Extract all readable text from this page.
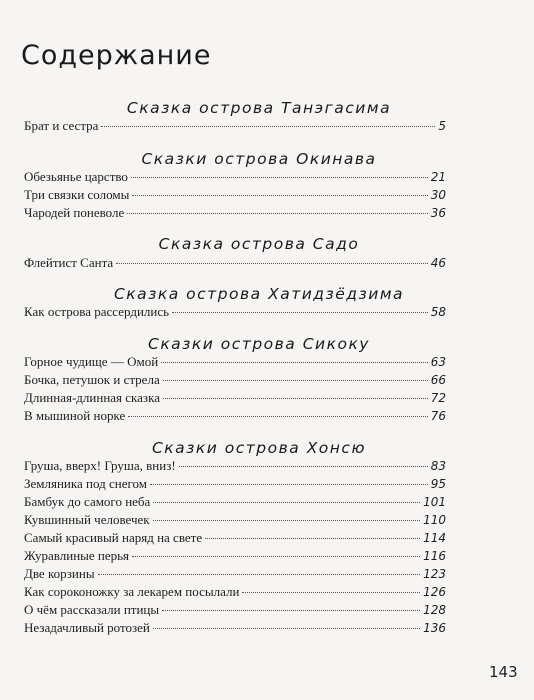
Содержание
Сказка острова Танэгасима
Брат и сестра	5
Сказки острова Окинава
Обезьянье царство	21
Три связки соломы	30
Чародей поневоле	36
Сказка острова Садо
Флейтист Санта	46
Сказка острова Хатидзёдзима
Как острова рассердились	58
Сказки острова Сикоку
Горное чудище — Омой	63
Бочка, петушок и стрела	66
Длинная-длинная сказка	72
В мышиной норке	76
Сказки острова Хонсю
Груша, вверх! Груша, вниз!	83
Земляника под снегом	95
Бамбук до самого неба	101
Кувшинный человечек	110
Самый красивый наряд на свете	114
Журавлиные перья	116
Две корзины	123
Как сороконожку за лекарем посылали	126
О чём рассказали птицы	128
Незадачливый ротозей	136
143
